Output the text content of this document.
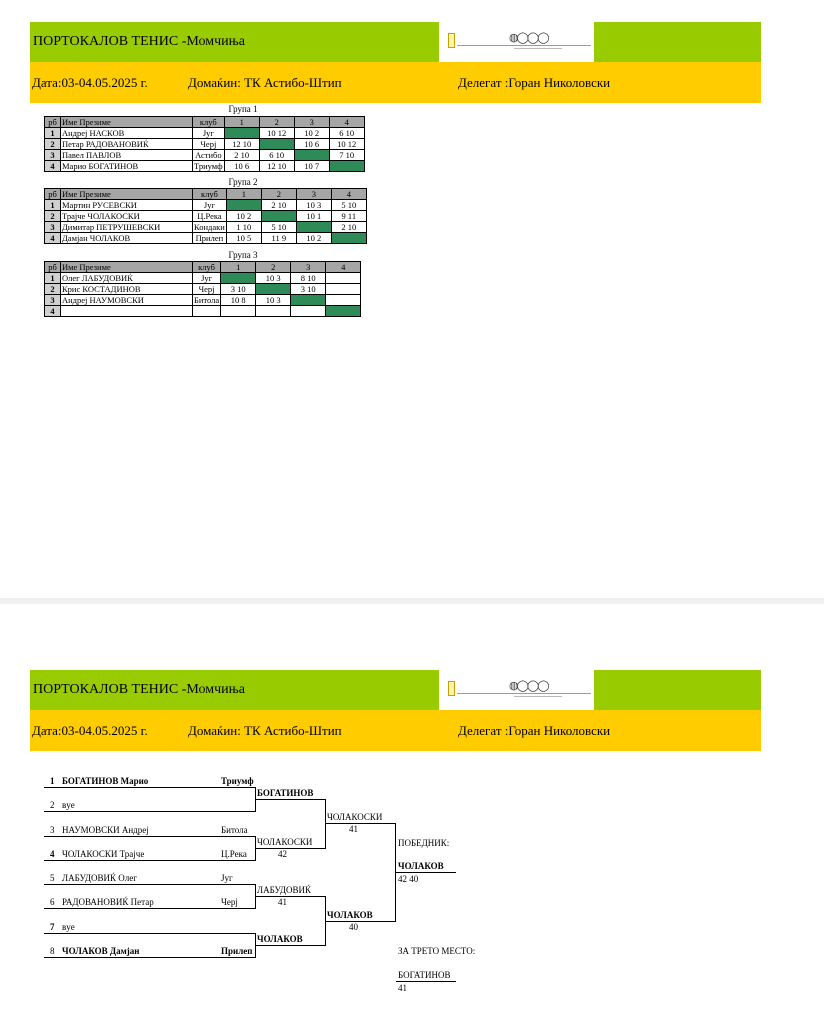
ПОРТОКАЛОВ ТЕНИС -Момчиња	◍◯◯◯
Дата:03-04.05.2025 г.	Домаќин: ТК Астибо-Штип	Делегат :Горан Николовски
Група 1
рб	Име Презиме	клуб	1	2	3	4
1	Андреј НАСКОВ	Југ		10 12	10 2	6 10
2	Петар РАДОВАНОВИЌ	Черј	12 10		10 6	10 12
3	Павел ПАВЛОВ	Астибо	2 10	6 10		7 10
4	Марио БОГАТИНОВ	Триумф	10 6	12 10	10 7	
Група 2
рб	Име Презиме	клуб	1	2	3	4
1	Мартин РУСЕВСКИ	Југ		2 10	10 3	5 10
2	Трајче ЧОЛАКОСКИ	Ц.Река	10 2		10 1	9 11
3	Димитар ПЕТРУШЕВСКИ	Кондаки	1 10	5 10		2 10
4	Дамјан ЧОЛАКОВ	Прилеп	10 5	11 9	10 2	
Група 3
рб	Име Презиме	клуб	1	2	3	4
1	Олег ЛАБУДОВИЌ	Југ		10 3	8 10	
2	Крис КОСТАДИНОВ	Черј	3 10		3 10	
3	Андреј НАУМОВСКИ	Битола	10 8	10 3		
4						
ПОРТОКАЛОВ ТЕНИС -Момчиња	◍◯◯◯
Дата:03-04.05.2025 г.	Домаќин: ТК Астибо-Штип	Делегат :Горан Николовски
1 БОГАТИНОВ Марио	Триумф
2 вye
3 НАУМОВСКИ Андреј	Битола
4 ЧОЛАКОСКИ Трајче	Ц.Река
5 ЛАБУДОВИЌ Олег	Југ
6 РАДОВАНОВИЌ Петар	Черј
7 вye
8 ЧОЛАКОВ Дамјан	Прилеп
БОГАТИНОВ
ЧОЛАКОСКИ
42
ЛАБУДОВИЌ
41
ЧОЛАКОВ
ЧОЛАКОСКИ
41
ЧОЛАКОВ
40
ПОБЕДНИК:
ЧОЛАКОВ
42 40
ЗА ТРЕТО МЕСТО:
БОГАТИНОВ
41
